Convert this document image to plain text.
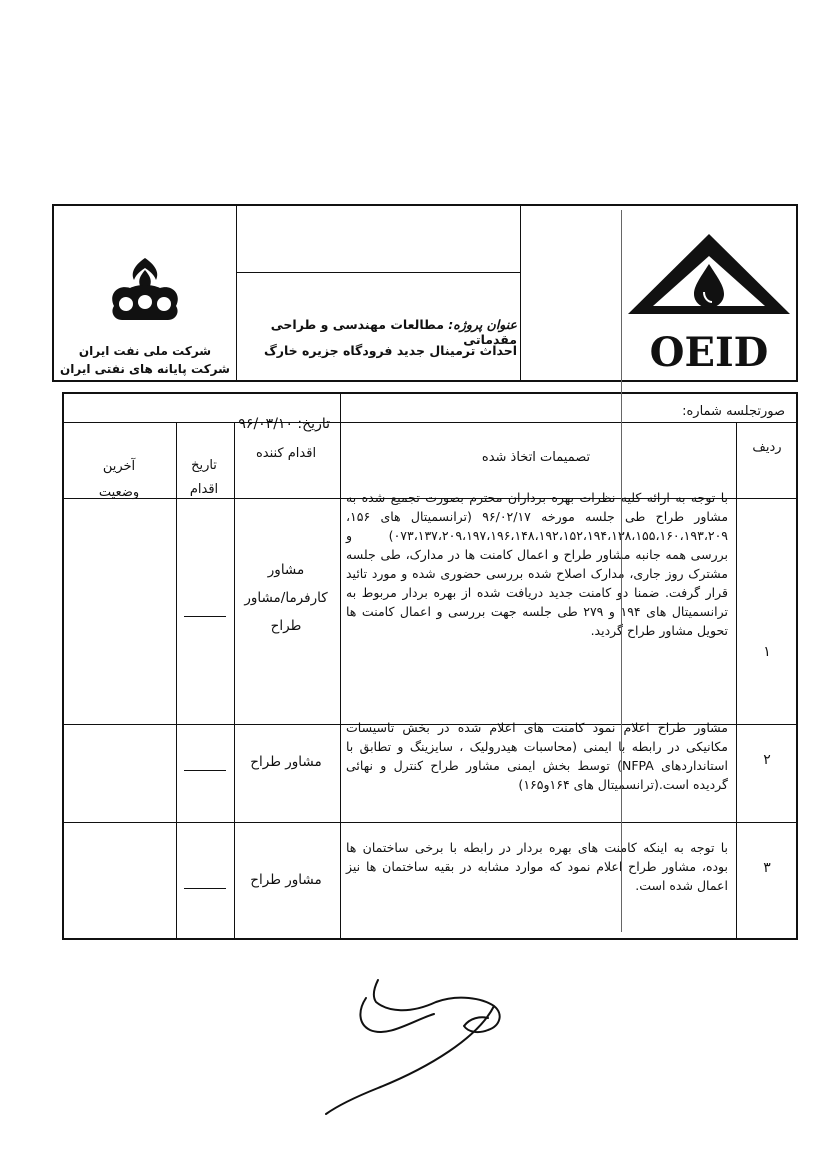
OEID
شرکت ملی نفت ایران
شرکت پایانه های نفتی ایران
عنوان پروژه: مطالعات مهندسی و طراحی مقدماتی
احداث ترمینال جدید فرودگاه جزیره خارگ
صورتجلسه شماره:
تاریخ: ۹۶/۰۳/۱۰
ردیف
تصمیمات اتخاذ شده
اقدام کننده
تاریخ
اقدام
آخرین
وضعیت
۱
با توجه به ارائه کلیه نظرات بهره برداران محترم بصورت تجمیع شده به مشاور طراح طی جلسه مورخه ۹۶/۰۲/۱۷ (ترانسمیتال های ۱۵۶، ۰۷۳،۱۳۷،۲۰۹،۱۹۷،۱۹۶،۱۴۸،۱۹۲،۱۵۲،۱۹۴،۱۳۸،۱۵۵،۱۶۰،۱۹۳،۲۰۹) و بررسی همه جانبه مشاور طراح و اعمال کامنت ها در مدارک، طی جلسه مشترک روز جاری، مدارک اصلاح شده بررسی حضوری شده و مورد تائید قرار گرفت. ضمنا دو کامنت جدید دریافت شده از بهره بردار مربوط به ترانسمیتال های ۱۹۴ و ۲۷۹ طی جلسه جهت بررسی و اعمال کامنت ها تحویل مشاور طراح گردید.
مشاور
کارفرما/مشاور
طراح
۲
مشاور طراح اعلام نمود کامنت های اعلام شده در بخش تاسیسات مکانیکی در رابطه با ایمنی (محاسبات هیدرولیک ، سایزینگ و تطابق با استانداردهای NFPA) توسط بخش ایمنی مشاور طراح کنترل و نهائی گردیده است.(ترانسمیتال های ۱۶۴و۱۶۵)
مشاور طراح
۳
با توجه به اینکه کامنت های بهره بردار در رابطه با برخی ساختمان ها بوده، مشاور طراح اعلام نمود که موارد مشابه در بقیه ساختمان ها نیز اعمال شده است.
مشاور طراح
